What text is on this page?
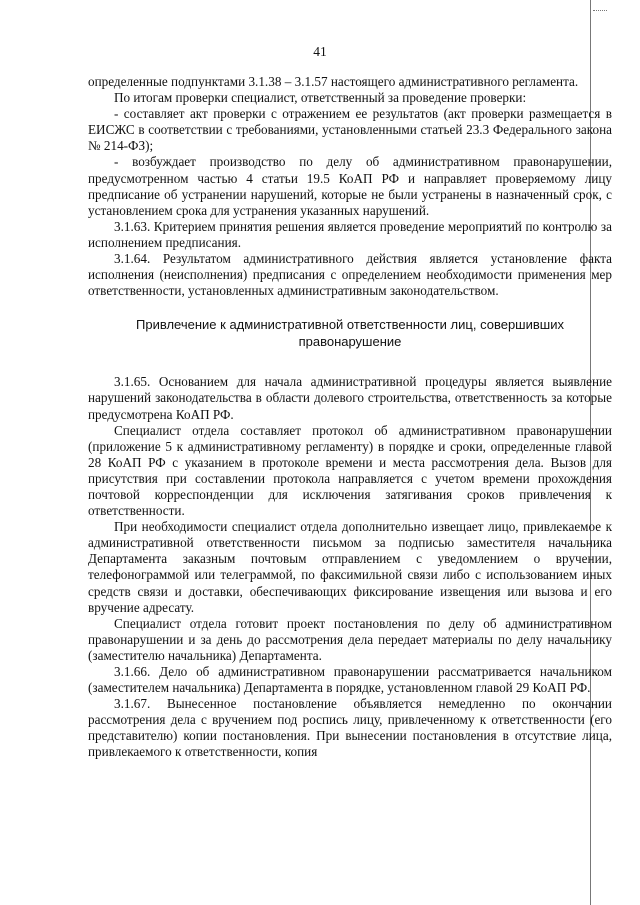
41

определенные подпунктами 3.1.38 – 3.1.57 настоящего административного регламента.

По итогам проверки специалист, ответственный за проведение проверки:

- составляет акт проверки с отражением ее результатов (акт проверки размещается в ЕИСЖС в соответствии с требованиями, установленными статьей 23.3 Федерального закона № 214-ФЗ);

- возбуждает производство по делу об административном правонарушении, предусмотренном частью 4 статьи 19.5 КоАП РФ и направляет проверяемому лицу предписание об устранении нарушений, которые не были устранены в назначенный срок, с установлением срока для устранения указанных нарушений.

3.1.63. Критерием принятия решения является проведение мероприятий по контролю за исполнением предписания.

3.1.64. Результатом административного действия является установление факта исполнения (неисполнения) предписания с определением необходимости применения мер ответственности, установленных административным законодательством.

Привлечение к административной ответственности лиц, совершивших правонарушение

3.1.65. Основанием для начала административной процедуры является выявление нарушений законодательства в области долевого строительства, ответственность за которые предусмотрена КоАП РФ.

Специалист отдела составляет протокол об административном правонарушении (приложение 5 к административному регламенту) в порядке и сроки, определенные главой 28 КоАП РФ с указанием в протоколе времени и места рассмотрения дела. Вызов для присутствия при составлении протокола направляется с учетом времени прохождения почтовой корреспонденции для исключения затягивания сроков привлечения к ответственности.

При необходимости специалист отдела дополнительно извещает лицо, привлекаемое к административной ответственности письмом за подписью заместителя начальника Департамента заказным почтовым отправлением с уведомлением о вручении, телефонограммой или телеграммой, по факсимильной связи либо с использованием иных средств связи и доставки, обеспечивающих фиксирование извещения или вызова и его вручение адресату.

Специалист отдела готовит проект постановления по делу об административном правонарушении и за день до рассмотрения дела передает материалы по делу начальнику (заместителю начальника) Департамента.

3.1.66. Дело об административном правонарушении рассматривается начальником (заместителем начальника) Департамента в порядке, установленном главой 29 КоАП РФ.

3.1.67. Вынесенное постановление объявляется немедленно по окончании рассмотрения дела с вручением под роспись лицу, привлеченному к ответственности (его представителю) копии постановления. При вынесении постановления в отсутствие лица, привлекаемого к ответственности, копия
